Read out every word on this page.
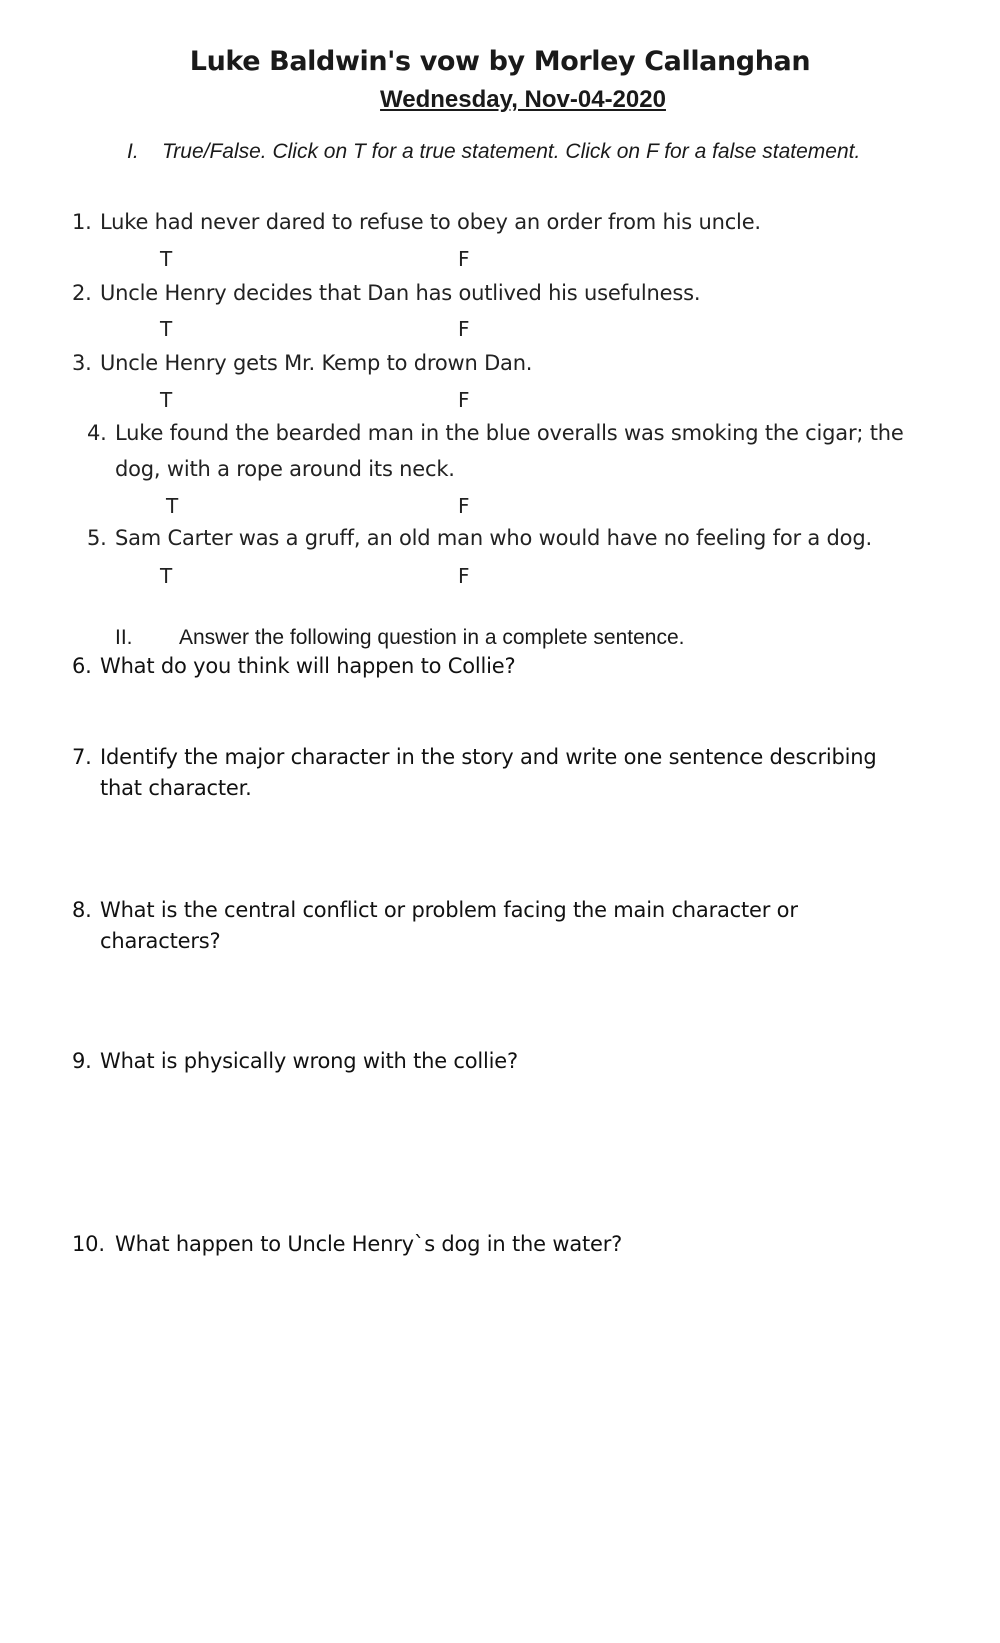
Luke Baldwin's vow by Morley Callanghan
Wednesday, Nov-04-2020
I. True/False. Click on T for a true statement. Click on F for a false statement.
1. Luke had never dared to refuse to obey an order from his uncle.
T	F
2. Uncle Henry decides that Dan has outlived his usefulness.
T	F
3. Uncle Henry gets Mr. Kemp to drown Dan.
T	F
4. Luke found the bearded man in the blue overalls was smoking the cigar; the
dog, with a rope around its neck.
T	F
5. Sam Carter was a gruff, an old man who would have no feeling for a dog.
T	F
II. Answer the following question in a complete sentence.
6. What do you think will happen to Collie?
7. Identify the major character in the story and write one sentence describing
that character.
8. What is the central conflict or problem facing the main character or
characters?
9. What is physically wrong with the collie?
10. What happen to Uncle Henry`s dog in the water?
